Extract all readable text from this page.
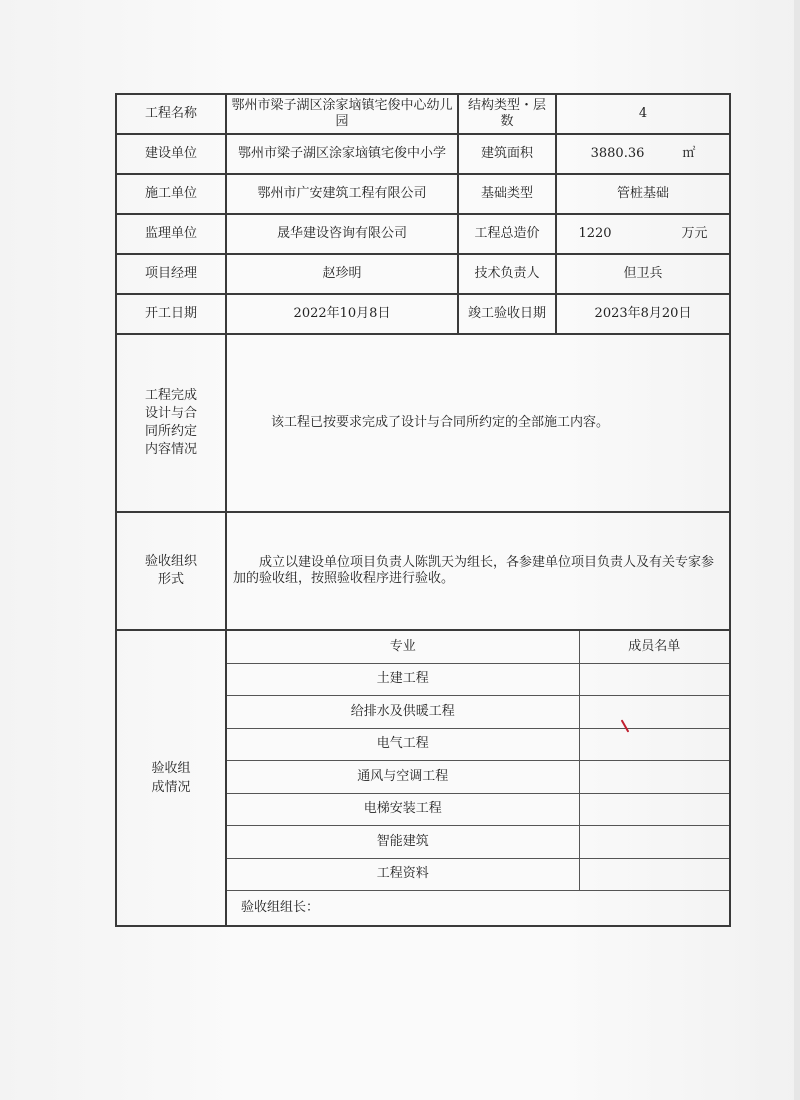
工程名称	鄂州市梁子湖区涂家垴镇宅俊中心幼儿园	结构类型・层数	4
建设单位	鄂州市梁子湖区涂家垴镇宅俊中小学	建筑面积	3880.36	㎡
施工单位	鄂州市广安建筑工程有限公司	基础类型	管桩基础
监理单位	晟华建设咨询有限公司	工程总造价	1220	万元
项目经理	赵珍明	技术负责人	但卫兵
开工日期	2022年10月8日	竣工验收日期	2023年8月20日

工程完成设计与合同所约定内容情况

该工程已按要求完成了设计与合同所约定的全部施工内容。

验收组织形式

成立以建设单位项目负责人陈凯天为组长，各参建单位项目负责人及有关专家参加的验收组，按照验收程序进行验收。

验收组成情况

专业	成员名单
土建工程	
给排水及供暖工程	
电气工程	
通风与空调工程	
电梯安装工程	
智能建筑	
工程资料	
验收组组长：
